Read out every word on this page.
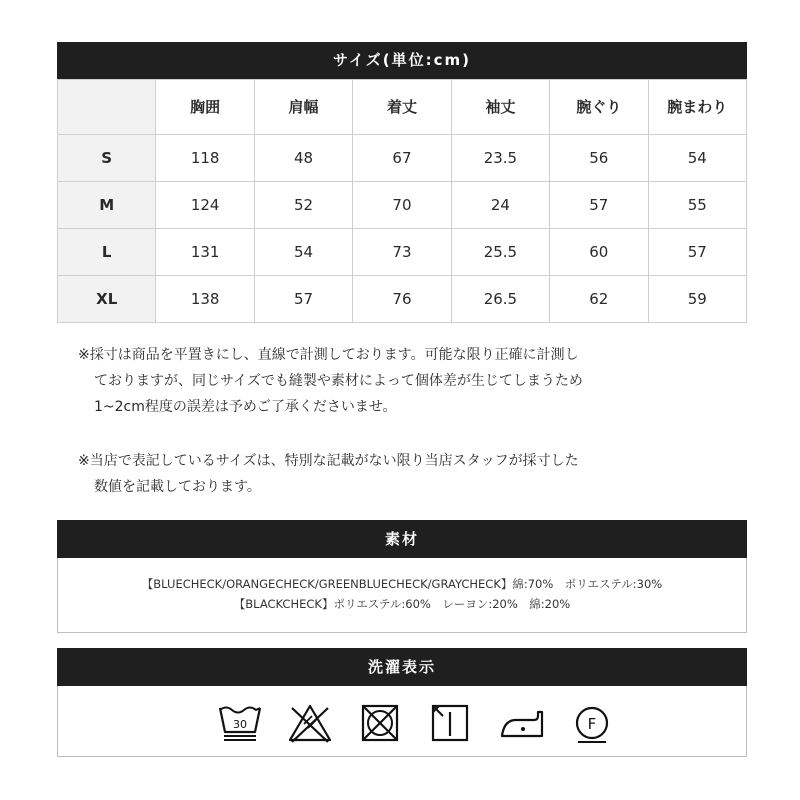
サイズ(単位:cm)
	胸囲	肩幅	着丈	袖丈	腕ぐり	腕まわり
S	118	48	67	23.5	56	54
M	124	52	70	24	57	55
L	131	54	73	25.5	60	57
XL	138	57	76	26.5	62	59
※採寸は商品を平置きにし、直線で計測しております。可能な限り正確に計測し
ておりますが、同じサイズでも縫製や素材によって個体差が生じてしまうため
1~2cm程度の誤差は予めご了承くださいませ。
※当店で表記しているサイズは、特別な記載がない限り当店スタッフが採寸した
数値を記載しております。
素材
【BLUECHECK/ORANGECHECK/GREENBLUECHECK/GRAYCHECK】綿:70%　ポリエステル:30%
【BLACKCHECK】ポリエステル:60%　レーヨン:20%　綿:20%
洗濯表示
30	F
